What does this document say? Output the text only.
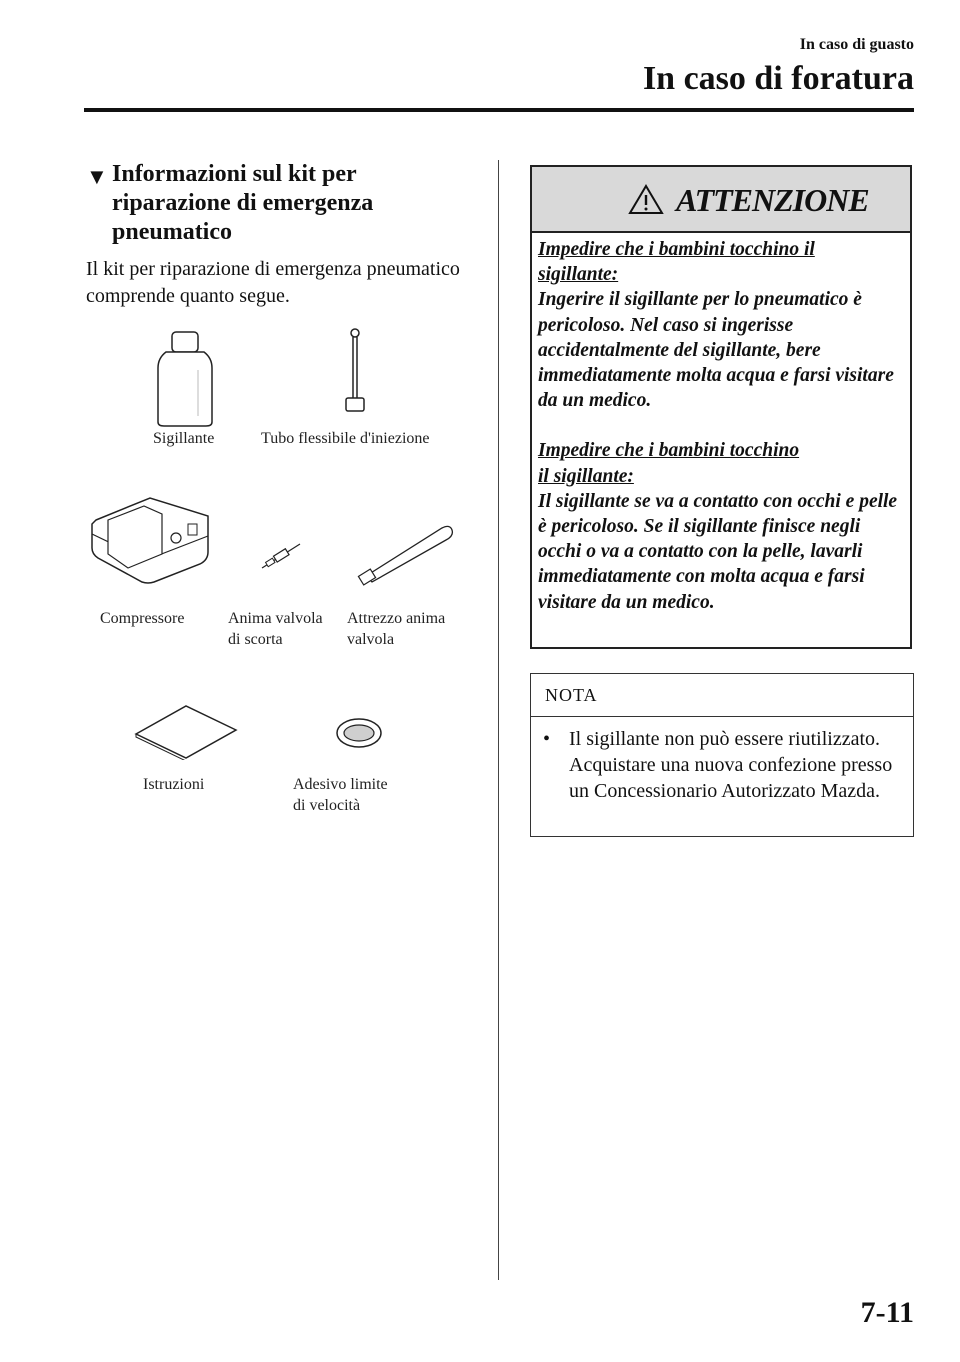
In caso di guasto
In caso di foratura
▼ Informazioni sul kit per riparazione di emergenza pneumatico
Il kit per riparazione di emergenza pneumatico comprende quanto segue.
Sigillante	Tubo flessibile d'iniezione
Compressore	Anima valvola
di scorta
Attrezzo anima
valvola
Istruzioni	Adesivo limite
di velocità
ATTENZIONE

Impedire che i bambini tocchino il

sigillante:

Ingerire il sigillante per lo pneumatico è pericoloso. Nel caso si ingerisse accidentalmente del sigillante, bere immediatamente molta acqua e farsi visitare da un medico.

Impedire che i bambini tocchino

il sigillante:

Il sigillante se va a contatto con occhi e pelle è pericoloso. Se il sigillante finisce negli occhi o va a contatto con la pelle, lavarli immediatamente con molta acqua e farsi visitare da un medico.

NOTA
• Il sigillante non può essere riutilizzato. Acquistare una nuova confezione presso un Concessionario Autorizzato Mazda.
7-11
